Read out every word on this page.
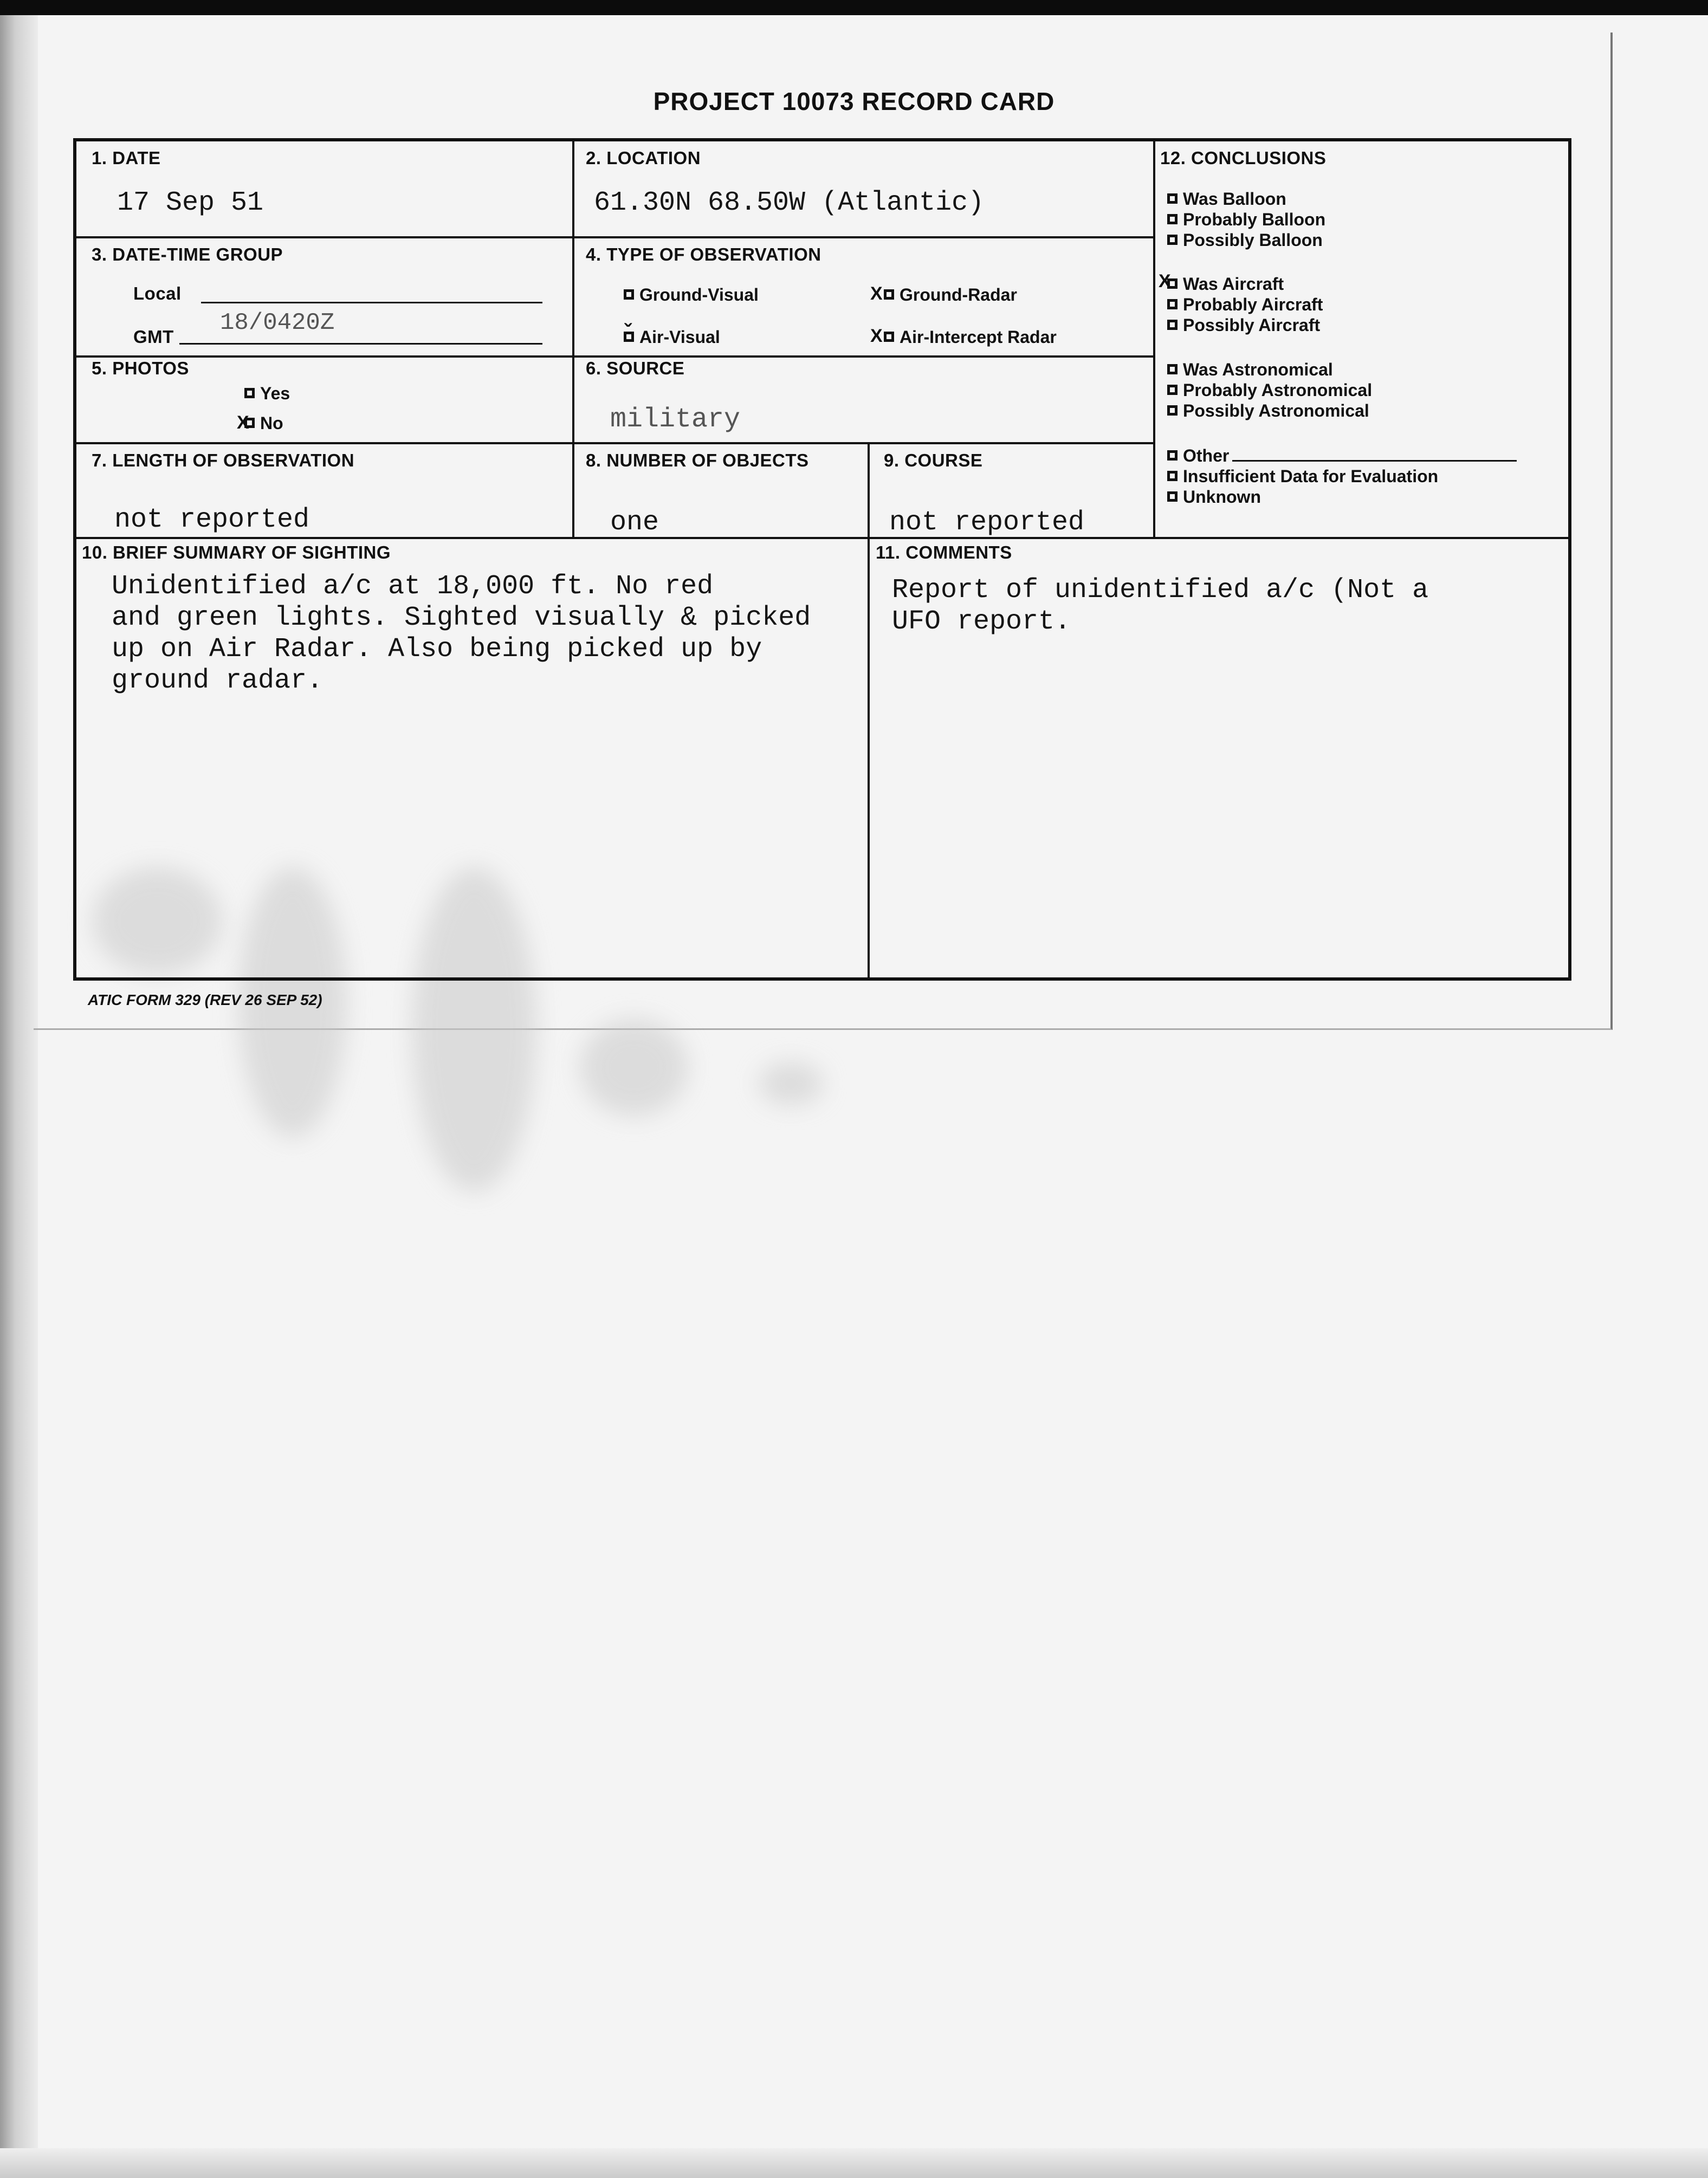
PROJECT 10073 RECORD CARD
1. DATE
17 Sep 51
2. LOCATION
61.30N 68.50W (Atlantic)
12. CONCLUSIONS
Was Balloon
Probably Balloon
Possibly Balloon
Was Aircraft
Probably Aircraft
Possibly Aircraft
Was Astronomical
Probably Astronomical
Possibly Astronomical
Other
Insufficient Data for Evaluation
Unknown
X
3. DATE-TIME GROUP
Local
GMT
18/0420Z
4. TYPE OF OBSERVATION
Ground-Visual	X Ground-Radar
ˇ Air-Visual	X Air-Intercept Radar
5. PHOTOS
Yes
X No
6. SOURCE
military
7. LENGTH OF OBSERVATION
not reported
8. NUMBER OF OBJECTS
one
9. COURSE
not reported
10. BRIEF SUMMARY OF SIGHTING
Unidentified a/c at 18,000 ft. No red
and green lights. Sighted visually & picked
up on Air Radar. Also being picked up by
ground radar.
11. COMMENTS
Report of unidentified a/c (Not a
UFO report.
ATIC FORM 329 (REV 26 SEP 52)
